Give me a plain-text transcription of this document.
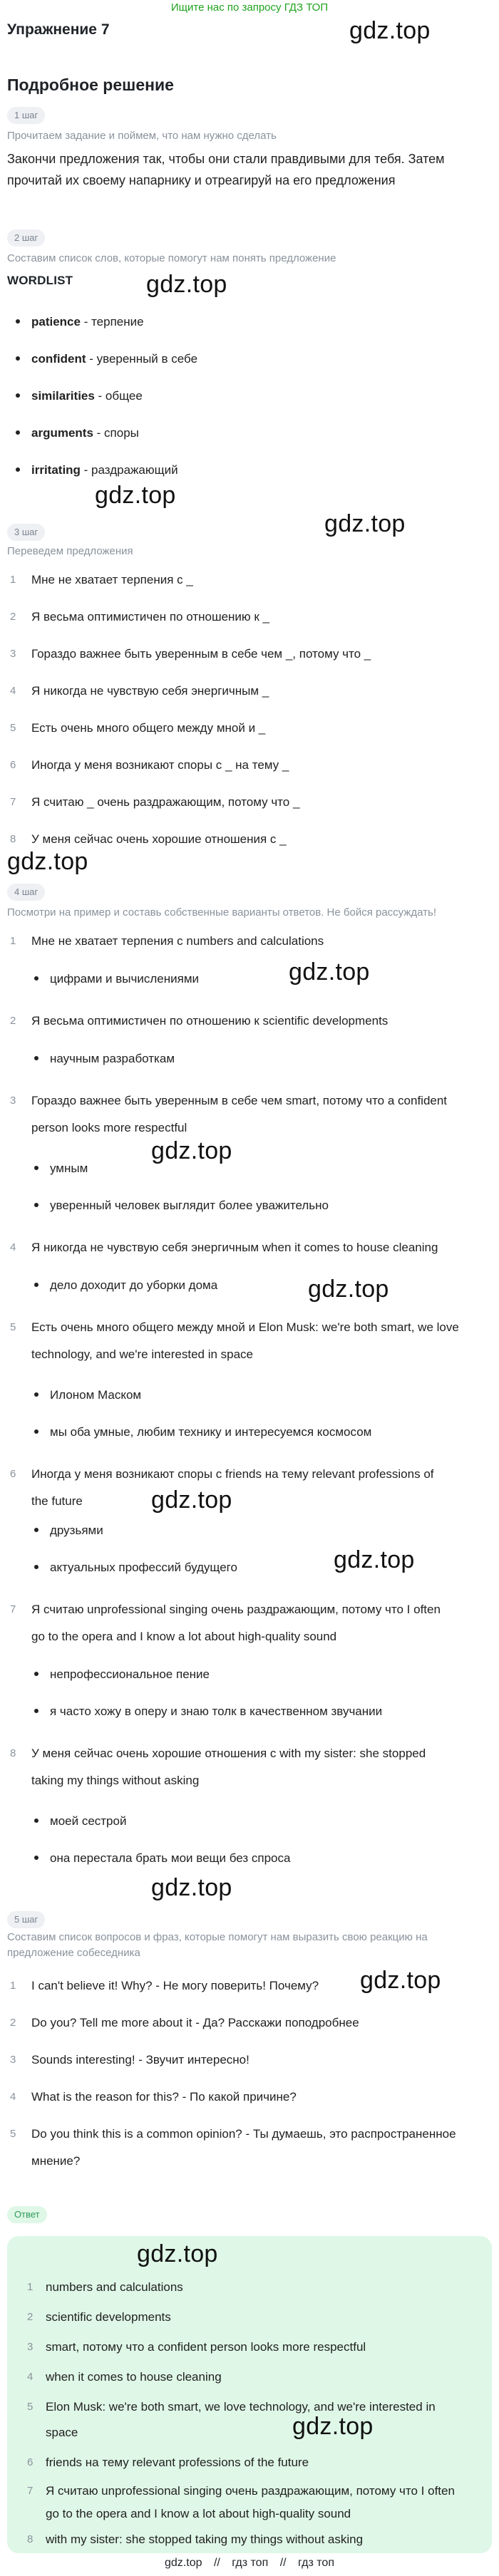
Ищите нас по запросу ГДЗ ТОП
Упражнение 7	gdz.top
Подробное решение
1 шаг
Прочитаем задание и поймем, что нам нужно сделать
Закончи предложения так, чтобы они стали правдивыми для тебя. Затем прочитай их своему напарнику и отреагируй на его предложения
2 шаг
Составим список слов, которые помогут нам понять предложение
WORDLIST	gdz.top
patience - терпение
confident - уверенный в себе
similarities - общее
arguments - споры
irritating - раздражающий
gdz.top
gdz.top
3 шаг
Переведем предложения
1 Мне не хватает терпения с _
2 Я весьма оптимистичен по отношению к _
3 Гораздо важнее быть уверенным в себе чем _, потому что _
4 Я никогда не чувствую себя энергичным _
5 Есть очень много общего между мной и _
6 Иногда у меня возникают споры с _ на тему _
7 Я считаю _ очень раздражающим, потому что _
8 У меня сейчас очень хорошие отношения с _
gdz.top
4 шаг
Посмотри на пример и составь собственные варианты ответов. Не бойся рассуждать!
1 Мне не хватает терпения с numbers and calculations
цифрами и вычислениями	gdz.top
2 Я весьма оптимистичен по отношению к scientific developments
научным разработкам
3 Гораздо важнее быть уверенным в себе чем smart, потому что a confident
person looks more respectful
умным
уверенный человек выглядит более уважительно
gdz.top
4 Я никогда не чувствую себя энергичным when it comes to house cleaning
дело доходит до уборки дома	gdz.top
5 Есть очень много общего между мной и Elon Musk: we're both smart, we love
technology, and we're interested in space
Илоном Маском
мы оба умные, любим технику и интересуемся космосом
6 Иногда у меня возникают споры с friends на тему relevant professions of
the future	gdz.top
друзьями
актуальных профессий будущего	gdz.top
7 Я считаю unprofessional singing очень раздражающим, потому что I often
go to the opera and I know a lot about high-quality sound
непрофессиональное пение
я часто хожу в оперу и знаю толк в качественном звучании
8 У меня сейчас очень хорошие отношения с with my sister: she stopped
taking my things without asking
моей сестрой
она перестала брать мои вещи без спроса
gdz.top
5 шаг
Составим список вопросов и фраз, которые помогут нам выразить свою реакцию на предложение собеседника
1 I can't believe it! Why? - Не могу поверить! Почему?	gdz.top
2 Do you? Tell me more about it - Да? Расскажи поподробнее
3 Sounds interesting! - Звучит интересно!
4 What is the reason for this? - По какой причине?
5 Do you think this is a common opinion? - Ты думаешь, это распространенное
мнение?
Ответ
gdz.top
1 numbers and calculations
2 scientific developments
3smart, потому что a confident person looks more respectful
4 when it comes to house cleaning
5 Elon Musk: we're both smart, we love technology, and we're interested in
space	gdz.top
6 friends на тему relevant professions of the future
7 Я считаю unprofessional singing очень раздражающим, потому что I often
go to the opera and I know a lot about high-quality sound
8with my sister: she stopped taking my things without asking
gdz.top // гдз топ // гдз топ
